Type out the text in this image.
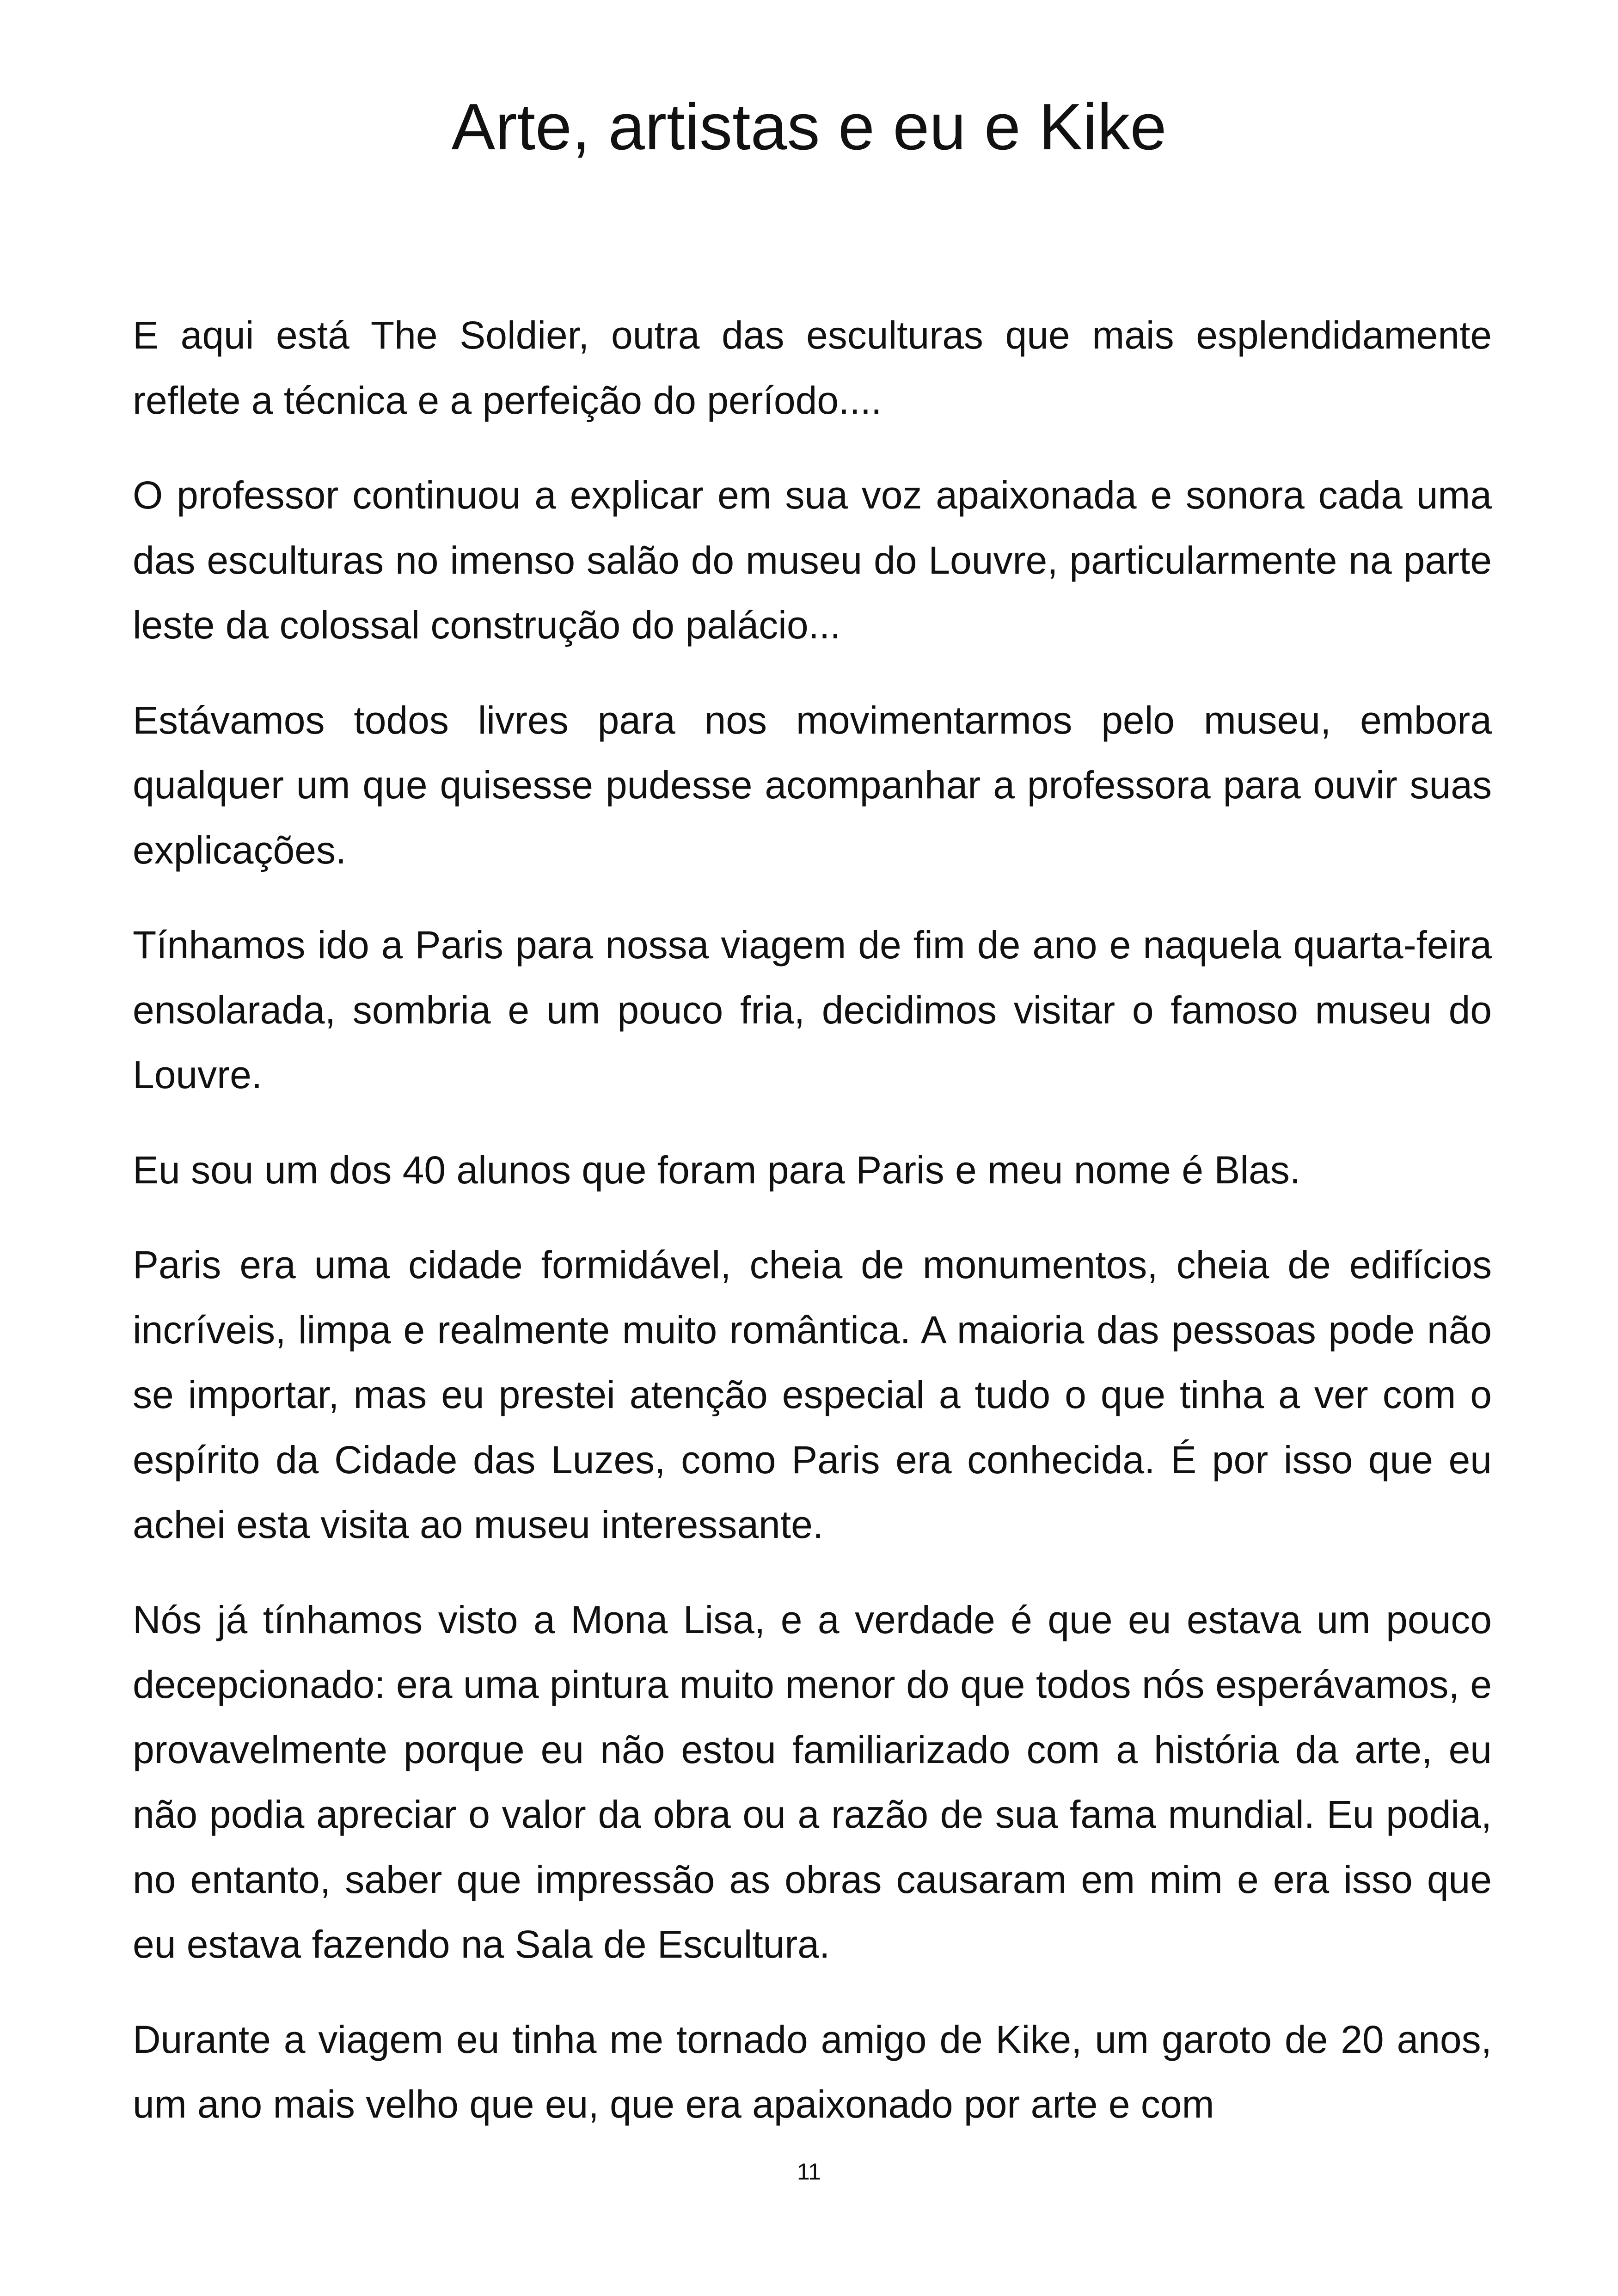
Arte, artistas e eu e Kike

E aqui está The Soldier, outra das esculturas que mais esplendidamente reflete a técnica e a perfeição do período....

O professor continuou a explicar em sua voz apaixonada e sonora cada uma das esculturas no imenso salão do museu do Louvre, particularmente na parte leste da colossal construção do palácio...

Estávamos todos livres para nos movimentarmos pelo museu, embora qualquer um que quisesse pudesse acompanhar a professora para ouvir suas explicações.

Tínhamos ido a Paris para nossa viagem de fim de ano e naquela quarta-feira ensolarada, sombria e um pouco fria, decidimos visitar o famoso museu do Louvre.

Eu sou um dos 40 alunos que foram para Paris e meu nome é Blas.

Paris era uma cidade formidável, cheia de monumentos, cheia de edifícios incríveis, limpa e realmente muito romântica. A maioria das pessoas pode não se importar, mas eu prestei atenção especial a tudo o que tinha a ver com o espírito da Cidade das Luzes, como Paris era conhecida. É por isso que eu achei esta visita ao museu interessante.

Nós já tínhamos visto a Mona Lisa, e a verdade é que eu estava um pouco decepcionado: era uma pintura muito menor do que todos nós esperávamos, e provavelmente porque eu não estou familiarizado com a história da arte, eu não podia apreciar o valor da obra ou a razão de sua fama mundial. Eu podia, no entanto, saber que impressão as obras causaram em mim e era isso que eu estava fazendo na Sala de Escultura.

Durante a viagem eu tinha me tornado amigo de Kike, um garoto de 20 anos, um ano mais velho que eu, que era apaixonado por arte e com

11
